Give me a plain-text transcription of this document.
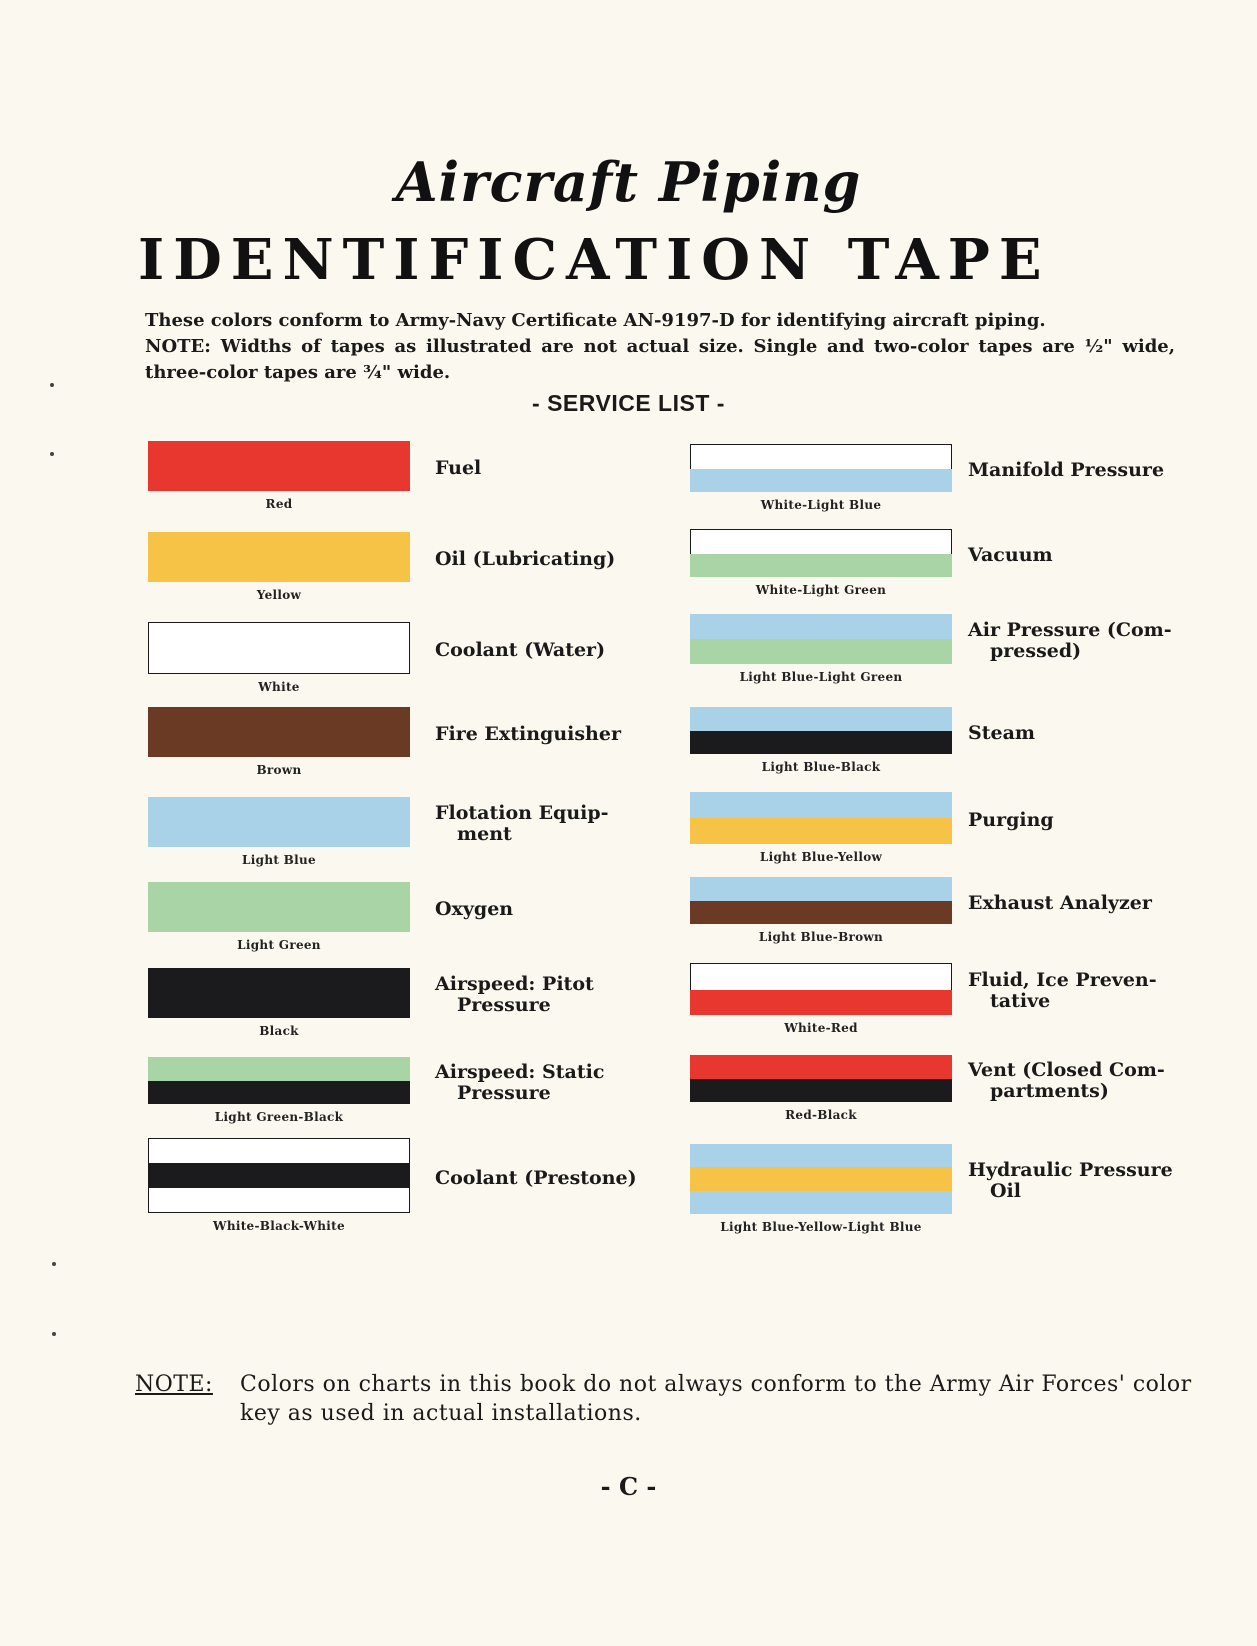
Aircraft Piping
IDENTIFICATION TAPE

These colors conform to Army-Navy Certificate AN-9197-D for identifying aircraft piping.

NOTE: Widths of tapes as illustrated are not actual size. Single and two-color tapes are ½" wide, three-color tapes are ¾" wide.

- SERVICE LIST -
Red
Fuel
Yellow
Oil (Lubricating)
White
Coolant (Water)
Brown
Fire Extinguisher
Light Blue
Flotation Equip-
ment
Light Green
Oxygen
Black
Airspeed: Pitot
Pressure
Light Green-Black
Airspeed: Static
Pressure
White-Black-White
Coolant (Prestone)
White-Light Blue
Manifold Pressure
White-Light Green
Vacuum
Light Blue-Light Green
Air Pressure (Com-
pressed)
Light Blue-Black
Steam
Light Blue-Yellow
Purging
Light Blue-Brown
Exhaust Analyzer
White-Red
Fluid, Ice Preven-
tative
Red-Black
Vent (Closed Com-
partments)
Light Blue-Yellow-Light Blue
Hydraulic Pressure
Oil
NOTE: Colors on charts in this book do not always conform to the Army Air Forces' color key as used in actual installations.
- C -
